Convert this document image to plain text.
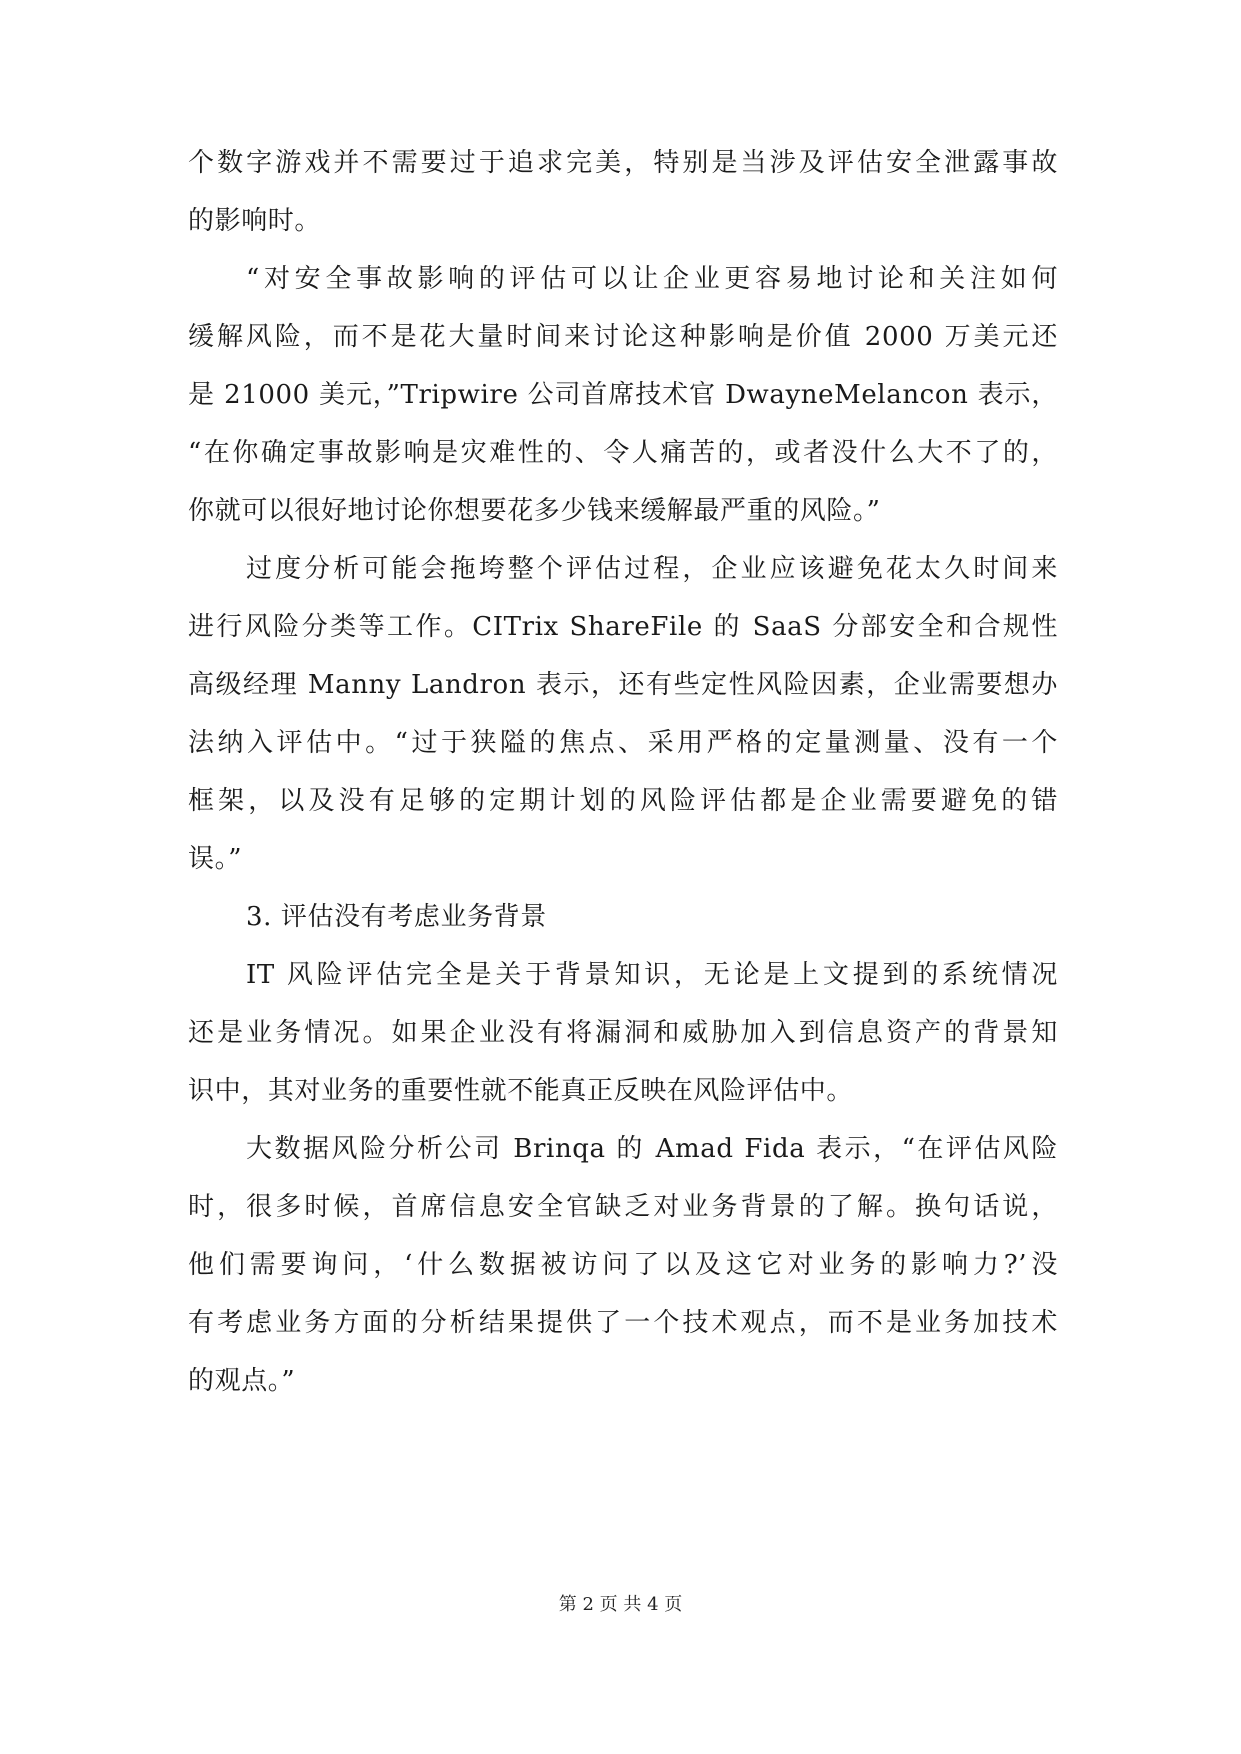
个数字游戏并不需要过于追求完美，特别是当涉及评估安全泄露事故
的影响时。
“对安全事故影响的评估可以让企业更容易地讨论和关注如何
缓解风险，而不是花大量时间来讨论这种影响是价值 2000 万美元还
是 21000 美元，”Tripwire 公司首席技术官 DwayneMelancon 表示，
“在你确定事故影响是灾难性的、令人痛苦的，或者没什么大不了的，
你就可以很好地讨论你想要花多少钱来缓解最严重的风险。”
过度分析可能会拖垮整个评估过程，企业应该避免花太久时间来
进行风险分类等工作。CITrix ShareFile 的 SaaS 分部安全和合规性
高级经理 Manny Landron 表示，还有些定性风险因素，企业需要想办
法纳入评估中。“过于狭隘的焦点、采用严格的定量测量、没有一个
框架，以及没有足够的定期计划的风险评估都是企业需要避免的错
误。”
3. 评估没有考虑业务背景
IT 风险评估完全是关于背景知识，无论是上文提到的系统情况
还是业务情况。如果企业没有将漏洞和威胁加入到信息资产的背景知
识中，其对业务的重要性就不能真正反映在风险评估中。
大数据风险分析公司 Brinqa 的 Amad Fida 表示，“在评估风险
时，很多时候，首席信息安全官缺乏对业务背景的了解。换句话说，
他们需要询问，‘什么数据被访问了以及这它对业务的影响力?’没
有考虑业务方面的分析结果提供了一个技术观点，而不是业务加技术
的观点。”
第 2 页 共 4 页
